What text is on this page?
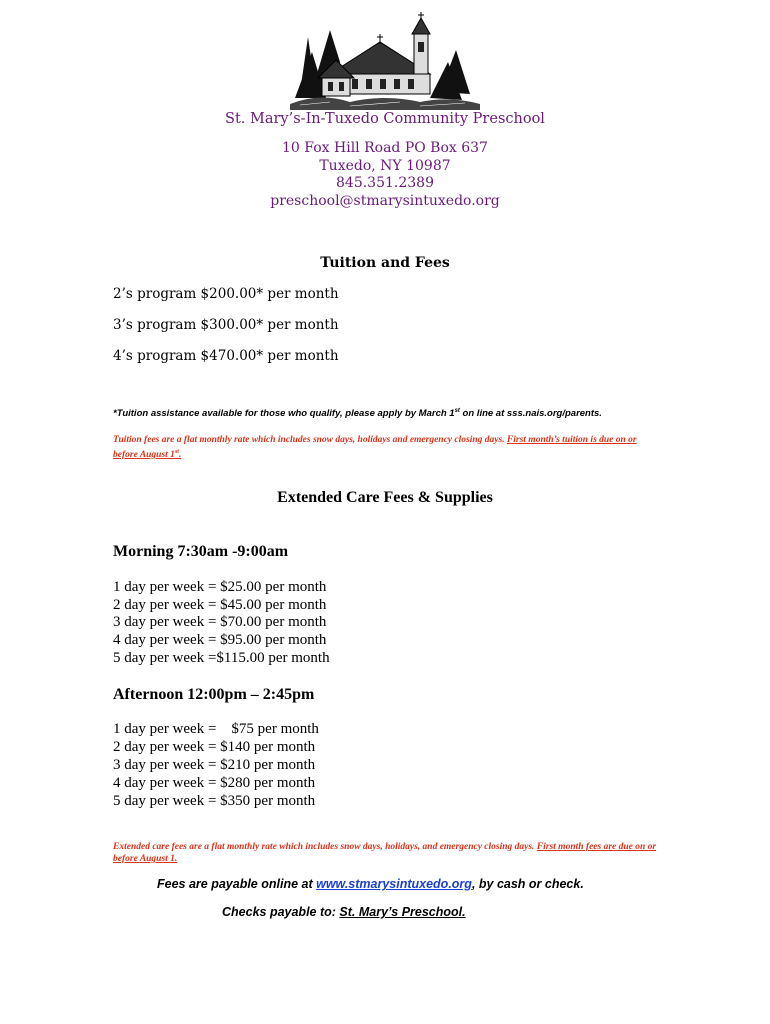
St. Mary’s-In-Tuxedo Community Preschool
10 Fox Hill Road PO Box 637
Tuxedo, NY 10987
845.351.2389
preschool@stmarysintuxedo.org
Tuition and Fees
2’s program $200.00* per month
3’s program $300.00* per month
4’s program $470.00* per month
*Tuition assistance available for those who qualify, please apply by March 1st on line at sss.nais.org/parents.
Tuition fees are a flat monthly rate which includes snow days, holidays and emergency closing days. First month’s tuition is due on or before August 1st.
Extended Care Fees & Supplies
Morning 7:30am -9:00am
1 day per week = $25.00 per month
2 day per week = $45.00 per month
3 day per week = $70.00 per month
4 day per week = $95.00 per month
5 day per week =$115.00 per month
Afternoon 12:00pm – 2:45pm
1 day per week =    $75 per month
2 day per week = $140 per month
3 day per week = $210 per month
4 day per week = $280 per month
5 day per week = $350 per month
Extended care fees are a flat monthly rate which includes snow days, holidays, and emergency closing days. First month fees are due on or before August 1.
Fees are payable online at www.stmarysintuxedo.org, by cash or check.
Checks payable to: St. Mary’s Preschool.
